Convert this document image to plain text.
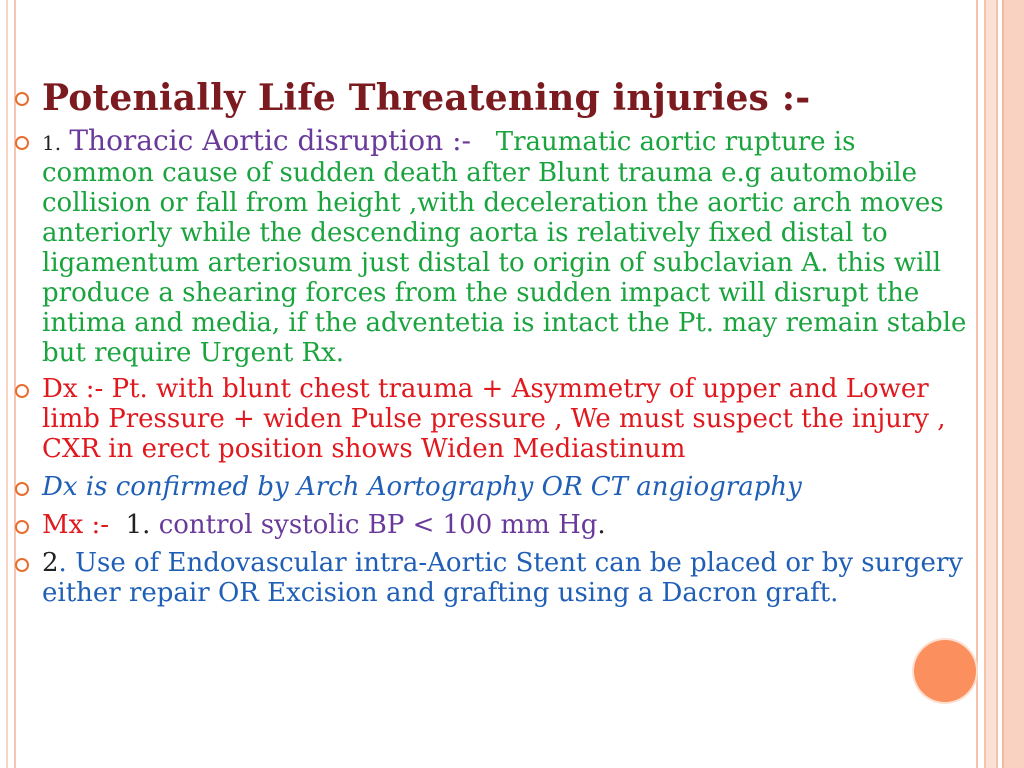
Potenially Life Threatening injuries :-
1. Thoracic Aortic disruption :- Traumatic aortic rupture is common cause of sudden death after Blunt trauma e.g automobile collision or fall from height ,with deceleration the aortic arch moves anteriorly while the descending aorta is relatively fixed distal to ligamentum arteriosum just distal to origin of subclavian A. this will produce a shearing forces from the sudden impact will disrupt the intima and media, if the adventetia is intact the Pt. may remain stable but require Urgent Rx.
Dx :- Pt. with blunt chest trauma + Asymmetry of upper and Lower limb Pressure + widen Pulse pressure , We must suspect the injury , CXR in erect position shows Widen Mediastinum
Dx is confirmed by Arch Aortography OR CT angiography
Mx :- 1. control systolic BP < 100 mm Hg.
2. Use of Endovascular intra-Aortic Stent can be placed or by surgery either repair OR Excision and grafting using a Dacron graft.
